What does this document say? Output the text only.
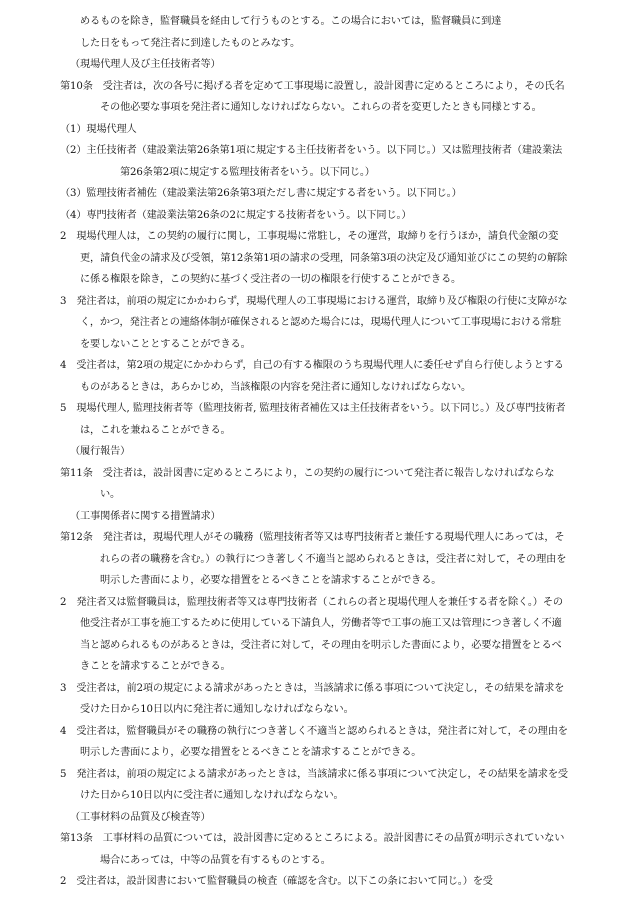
めるものを除き，監督職員を経由して行うものとする。この場合においては，監督職員に到達

した日をもって発注者に到達したものとみなす。

（現場代理人及び主任技術者等）

第10条　受注者は，次の各号に掲げる者を定めて工事現場に設置し，設計図書に定めるところにより，その氏名その他必要な事項を発注者に通知しなければならない。これらの者を変更したときも同様とする。

（1）現場代理人

（2）主任技術者（建設業法第26条第1項に規定する主任技術者をいう。以下同じ。）又は監理技術者（建設業法第26条第2項に規定する監理技術者をいう。以下同じ。）

（3）監理技術者補佐（建設業法第26条第3項ただし書に規定する者をいう。以下同じ。）

（4）専門技術者（建設業法第26条の2に規定する技術者をいう。以下同じ。）

2　現場代理人は，この契約の履行に関し，工事現場に常駐し，その運営，取締りを行うほか，請負代金額の変更，請負代金の請求及び受領，第12条第1項の請求の受理，同条第3項の決定及び通知並びにこの契約の解除に係る権限を除き，この契約に基づく受注者の一切の権限を行使することができる。

3　発注者は，前項の規定にかかわらず，現場代理人の工事現場における運営，取締り及び権限の行使に支障がなく，かつ，発注者との連絡体制が確保されると認めた場合には，現場代理人について工事現場における常駐を要しないこととすることができる。

4　受注者は，第2項の規定にかかわらず，自己の有する権限のうち現場代理人に委任せず自ら行使しようとするものがあるときは，あらかじめ，当該権限の内容を発注者に通知しなければならない。

5　現場代理人, 監理技術者等（監理技術者, 監理技術者補佐又は主任技術者をいう。以下同じ。）及び専門技術者は，これを兼ねることができる。

（履行報告）

第11条　受注者は，設計図書に定めるところにより，この契約の履行について発注者に報告しなければならない。

（工事関係者に関する措置請求）

第12条　発注者は，現場代理人がその職務（監理技術者等又は専門技術者と兼任する現場代理人にあっては，それらの者の職務を含む。）の執行につき著しく不適当と認められるときは，受注者に対して，その理由を明示した書面により，必要な措置をとるべきことを請求することができる。

2　発注者又は監督職員は，監理技術者等又は専門技術者（これらの者と現場代理人を兼任する者を除く。）その他受注者が工事を施工するために使用している下請負人，労働者等で工事の施工又は管理につき著しく不適当と認められるものがあるときは，受注者に対して，その理由を明示した書面により，必要な措置をとるべきことを請求することができる。

3　受注者は，前2項の規定による請求があったときは，当該請求に係る事項について決定し，その結果を請求を受けた日から10日以内に発注者に通知しなければならない。

4　受注者は，監督職員がその職務の執行につき著しく不適当と認められるときは，発注者に対して，その理由を明示した書面により，必要な措置をとるべきことを請求することができる。

5　発注者は，前項の規定による請求があったときは，当該請求に係る事項について決定し，その結果を請求を受けた日から10日以内に受注者に通知しなければならない。

（工事材料の品質及び検査等）

第13条　工事材料の品質については，設計図書に定めるところによる。設計図書にその品質が明示されていない場合にあっては，中等の品質を有するものとする。

2　受注者は，設計図書において監督職員の検査（確認を含む。以下この条において同じ。）を受
